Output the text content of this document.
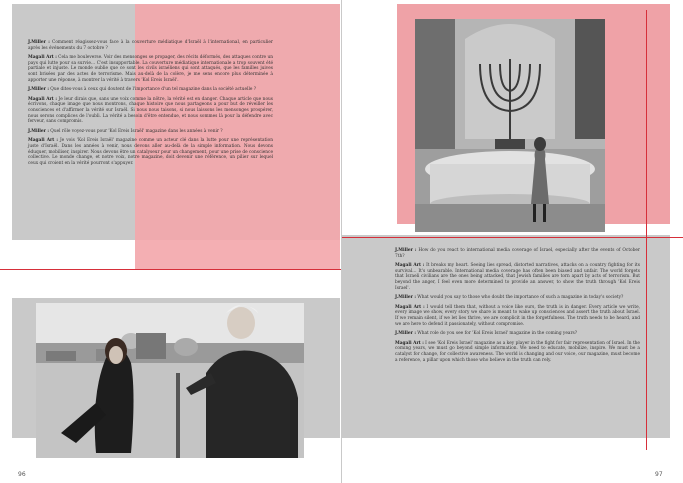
J.Miller : Comment réagissez-vous face à la couverture médiatique d'Israël à l'international, en particulier après les événements du 7 octobre ?

Magali Art : Cela me bouleverse. Voir des mensonges se propager, des récits déformés, des attaques contre un pays qui lutte pour sa survie… C'est insupportable. La couverture médiatique internationale a trop souvent été partiale et injuste. Le monde oublie que ce sont les civils israéliens qui sont attaqués, que les familles juives sont brisées par des actes de terrorisme. Mais au-delà de la colère, je me sens encore plus déterminée à apporter une réponse, à montrer la vérité à travers 'Kol Ereis Israël'.

J.Miller : Que dites-vous à ceux qui doutent de l'importance d'un tel magazine dans la société actuelle ?

Magali Art : Je leur dirais que, sans une voix comme la nôtre, la vérité est en danger. Chaque article que nous écrivons, chaque image que nous montrons, chaque histoire que nous partageons a pour but de réveiller les consciences et d'affirmer la vérité sur Israël. Si nous nous taisons, si nous laissons les mensonges prospérer, nous serons complices de l'oubli. La vérité a besoin d'être entendue, et nous sommes là pour la défendre avec ferveur, sans compromis.

J.Miller : Quel rôle voyez-vous pour 'Kol Ereis Israël' magazine dans les années à venir ?

Magali Art : Je vois 'Kol Ereis Israël' magazine comme un acteur clé dans la lutte pour une représentation juste d'Israël. Dans les années à venir, nous devons aller au-delà de la simple information. Nous devons éduquer, mobiliser, inspirer. Nous devons être un catalyseur pour un changement, pour une prise de conscience collective. Le monde change, et notre voix, notre magazine, doit devenir une référence, un pilier sur lequel ceux qui croient en la vérité pourront s'appuyer.

96

J.Miller : How do you react to international media coverage of Israel, especially after the events of October 7th?

Magali Art : It breaks my heart. Seeing lies spread, distorted narratives, attacks on a country fighting for its survival… It's unbearable. International media coverage has often been biased and unfair. The world forgets that Israeli civilians are the ones being attacked, that Jewish families are torn apart by acts of terrorism. But beyond the anger, I feel even more determined to provide an answer, to show the truth through 'Kol Ereis Israel'.

J.Miller : What would you say to those who doubt the importance of such a magazine in today's society?

Magali Art : I would tell them that, without a voice like ours, the truth is in danger. Every article we write, every image we show, every story we share is meant to wake up consciences and assert the truth about Israel. If we remain silent, if we let lies thrive, we are complicit in the forgetfulness. The truth needs to be heard, and we are here to defend it passionately, without compromise.

J.Miller : What role do you see for 'Kol Ereis Israel' magazine in the coming years?

Magali Art : I see 'Kol Ereis Israel' magazine as a key player in the fight for fair representation of Israel. In the coming years, we must go beyond simple information. We need to educate, mobilize, inspire. We must be a catalyst for change, for collective awareness. The world is changing and our voice, our magazine, must become a reference, a pillar upon which those who believe in the truth can rely.

97
